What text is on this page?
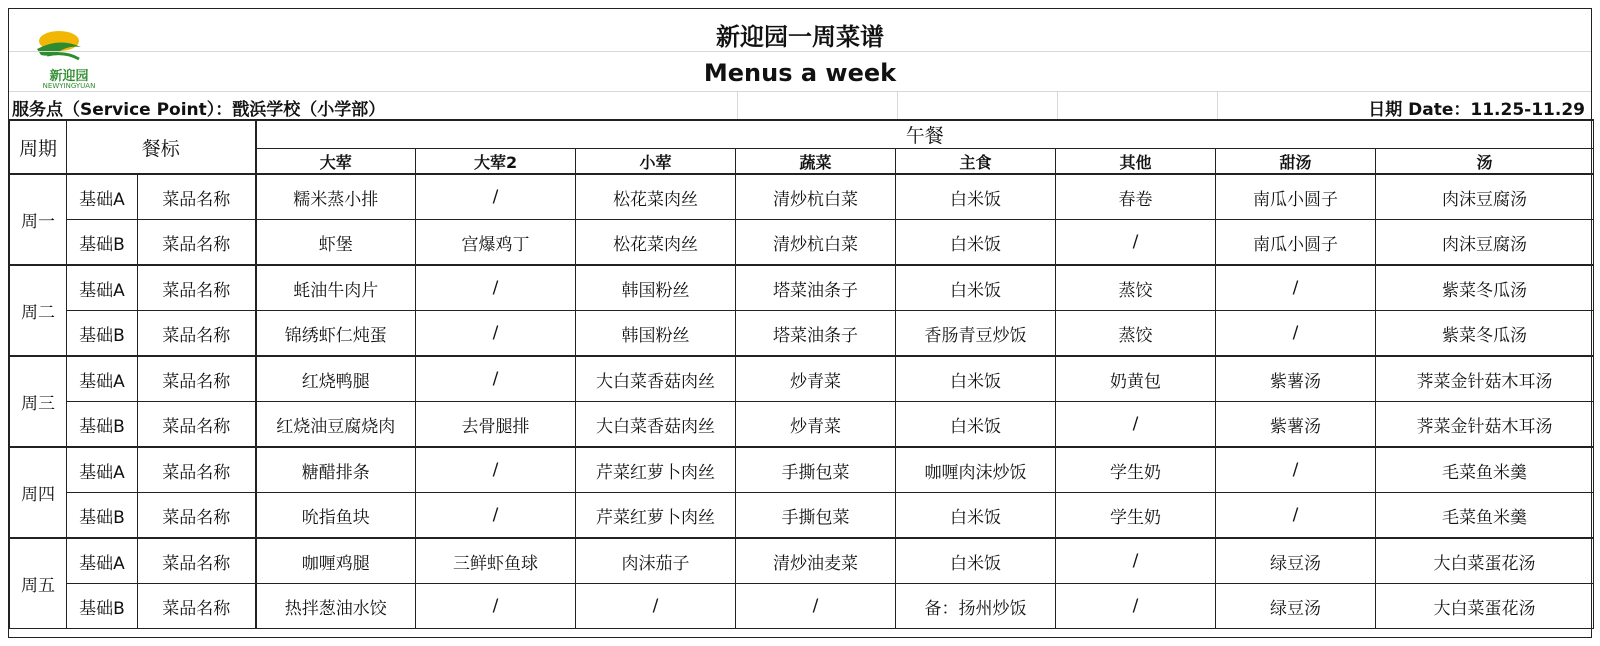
新迎园
NEWYINGYUAN
新迎园一周菜谱
Menus a week
服务点（Service Point）：戬浜学校（小学部）	日期 Date：11.25-11.29
周期	餐标		午餐							
			大荤	大荤2	小荤	蔬菜	主食	其他	甜汤	汤
周一	基础A	菜品名称	糯米蒸小排	/	松花菜肉丝	清炒杭白菜	白米饭	春卷	南瓜小圆子	肉沫豆腐汤
	基础B	菜品名称	虾堡	宫爆鸡丁	松花菜肉丝	清炒杭白菜	白米饭	/	南瓜小圆子	肉沫豆腐汤
周二	基础A	菜品名称	蚝油牛肉片	/	韩国粉丝	塔菜油条子	白米饭	蒸饺	/	紫菜冬瓜汤
	基础B	菜品名称	锦绣虾仁炖蛋	/	韩国粉丝	塔菜油条子	香肠青豆炒饭	蒸饺	/	紫菜冬瓜汤
周三	基础A	菜品名称	红烧鸭腿	/	大白菜香菇肉丝	炒青菜	白米饭	奶黄包	紫薯汤	荠菜金针菇木耳汤
	基础B	菜品名称	红烧油豆腐烧肉	去骨腿排	大白菜香菇肉丝	炒青菜	白米饭	/	紫薯汤	荠菜金针菇木耳汤
周四	基础A	菜品名称	糖醋排条	/	芹菜红萝卜肉丝	手撕包菜	咖喱肉沫炒饭	学生奶	/	毛菜鱼米羹
	基础B	菜品名称	吮指鱼块	/	芹菜红萝卜肉丝	手撕包菜	白米饭	学生奶	/	毛菜鱼米羹
周五	基础A	菜品名称	咖喱鸡腿	三鲜虾鱼球	肉沫茄子	清炒油麦菜	白米饭	/	绿豆汤	大白菜蛋花汤
	基础B	菜品名称	热拌葱油水饺	/	/	/	备：扬州炒饭	/	绿豆汤	大白菜蛋花汤
